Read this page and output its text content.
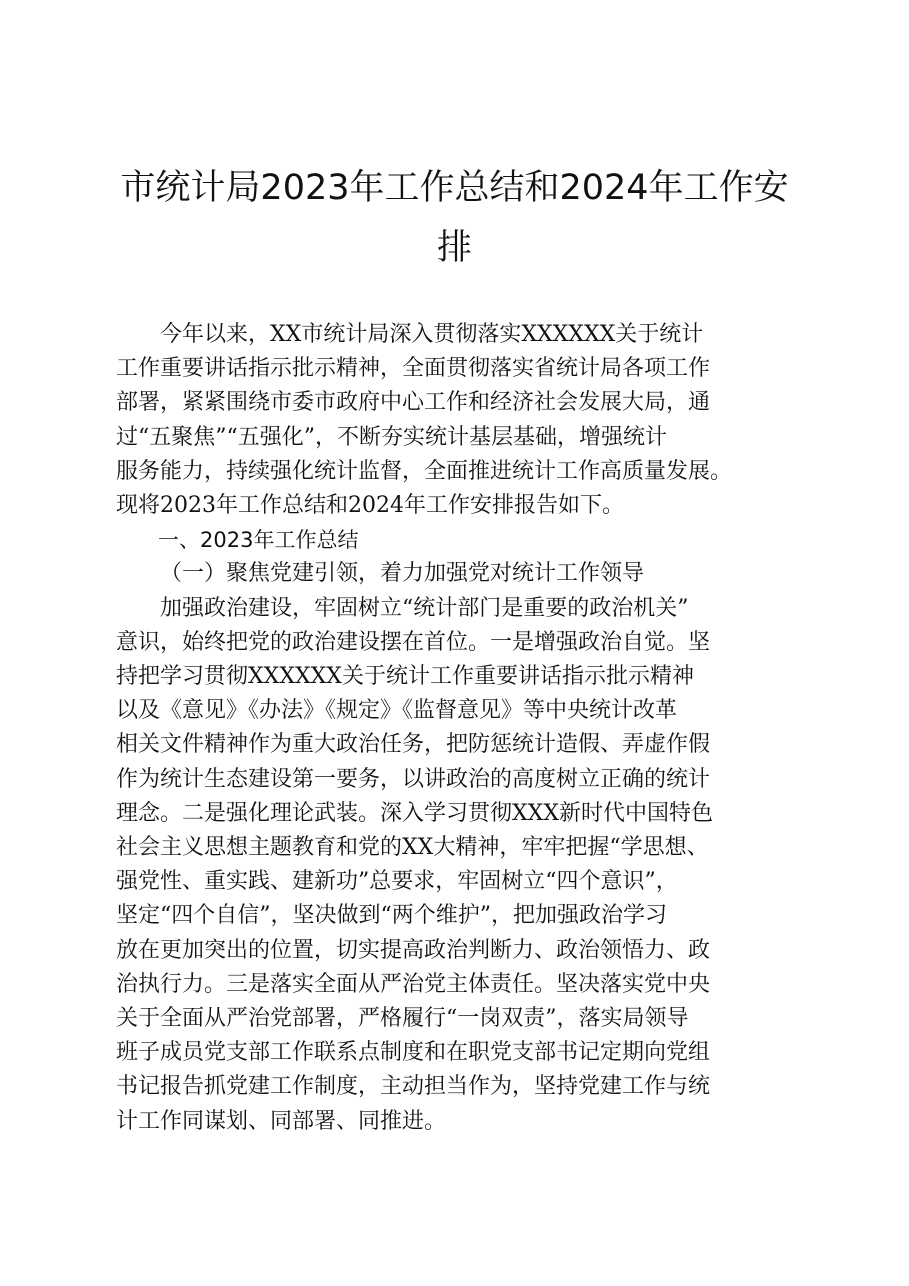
市统计局2023年工作总结和2024年工作安
排

今年以来，XX市统计局深入贯彻落实XXXXXX关于统计
工作重要讲话指示批示精神，全面贯彻落实省统计局各项工作
部署，紧紧围绕市委市政府中心工作和经济社会发展大局，通
过“五聚焦”“五强化”，不断夯实统计基层基础，增强统计
服务能力，持续强化统计监督，全面推进统计工作高质量发展。
现将2023年工作总结和2024年工作安排报告如下。

一、2023年工作总结

（一）聚焦党建引领，着力加强党对统计工作领导

加强政治建设，牢固树立“统计部门是重要的政治机关”
意识，始终把党的政治建设摆在首位。一是增强政治自觉。坚
持把学习贯彻XXXXXX关于统计工作重要讲话指示批示精神
以及《意见》《办法》《规定》《监督意见》等中央统计改革
相关文件精神作为重大政治任务，把防惩统计造假、弄虚作假
作为统计生态建设第一要务，以讲政治的高度树立正确的统计
理念。二是强化理论武装。深入学习贯彻XXX新时代中国特色
社会主义思想主题教育和党的XX大精神，牢牢把握“学思想、
强党性、重实践、建新功”总要求，牢固树立“四个意识”，
坚定“四个自信”，坚决做到“两个维护”，把加强政治学习
放在更加突出的位置，切实提高政治判断力、政治领悟力、政
治执行力。三是落实全面从严治党主体责任。坚决落实党中央
关于全面从严治党部署，严格履行“一岗双责”，落实局领导
班子成员党支部工作联系点制度和在职党支部书记定期向党组
书记报告抓党建工作制度，主动担当作为，坚持党建工作与统
计工作同谋划、同部署、同推进。
